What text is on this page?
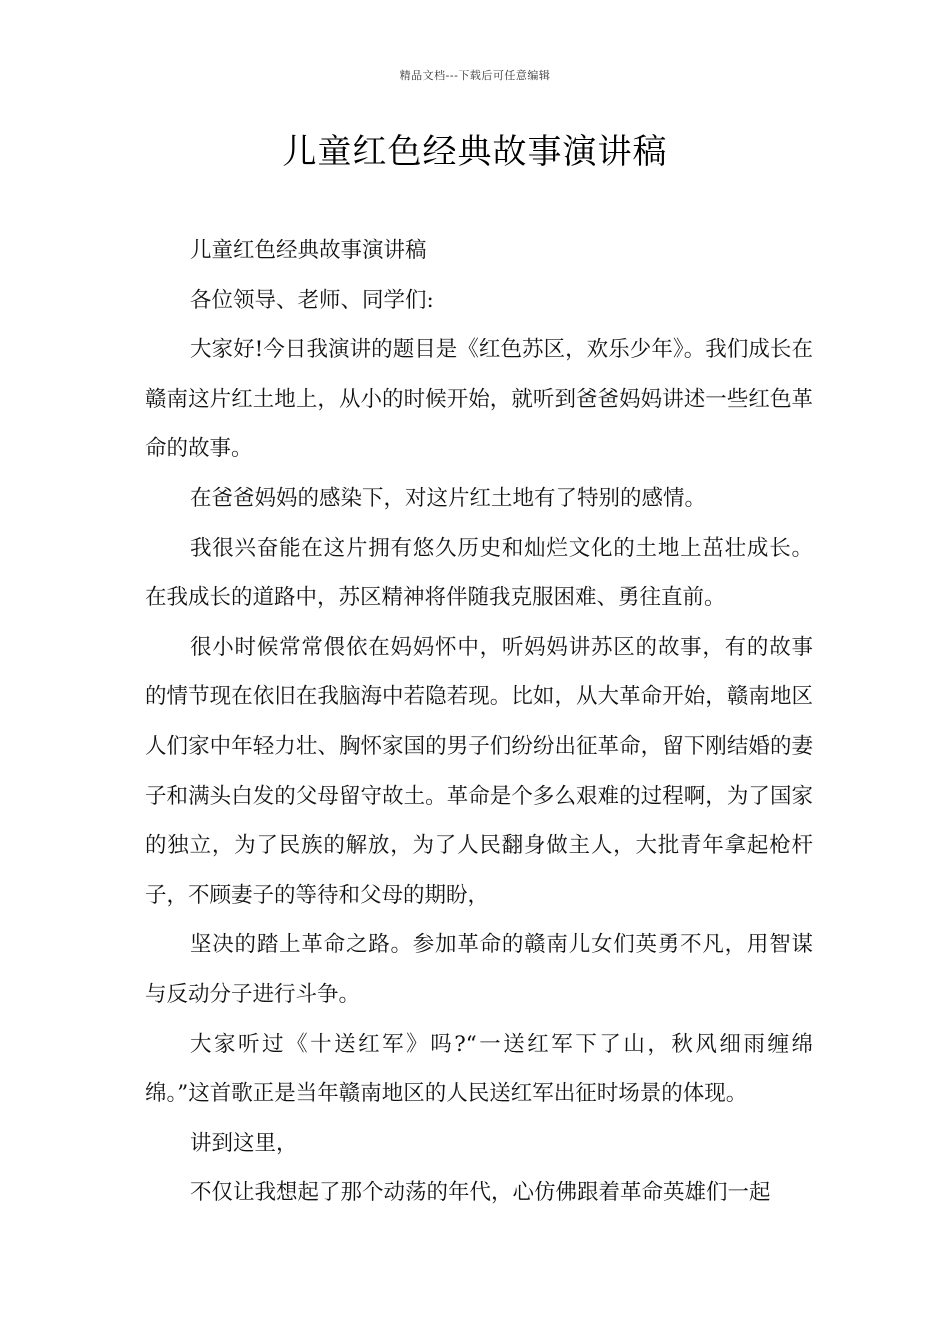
精品文档---下载后可任意编辑
儿童红色经典故事演讲稿

儿童红色经典故事演讲稿

各位领导、老师、同学们:

大家好!今日我演讲的题目是《红色苏区，欢乐少年》。我们成长在赣南这片红土地上，从小的时候开始，就听到爸爸妈妈讲述一些红色革命的故事。

在爸爸妈妈的感染下，对这片红土地有了特别的感情。

我很兴奋能在这片拥有悠久历史和灿烂文化的土地上茁壮成长。在我成长的道路中，苏区精神将伴随我克服困难、勇往直前。

很小时候常常偎依在妈妈怀中，听妈妈讲苏区的故事，有的故事的情节现在依旧在我脑海中若隐若现。比如，从大革命开始，赣南地区人们家中年轻力壮、胸怀家国的男子们纷纷出征革命，留下刚结婚的妻子和满头白发的父母留守故土。革命是个多么艰难的过程啊，为了国家的独立，为了民族的解放，为了人民翻身做主人，大批青年拿起枪杆子，不顾妻子的等待和父母的期盼，

坚决的踏上革命之路。参加革命的赣南儿女们英勇不凡，用智谋与反动分子进行斗争。

大家听过《十送红军》吗?“一送红军下了山，秋风细雨缠绵绵。”这首歌正是当年赣南地区的人民送红军出征时场景的体现。

讲到这里，

不仅让我想起了那个动荡的年代，心仿佛跟着革命英雄们一起
